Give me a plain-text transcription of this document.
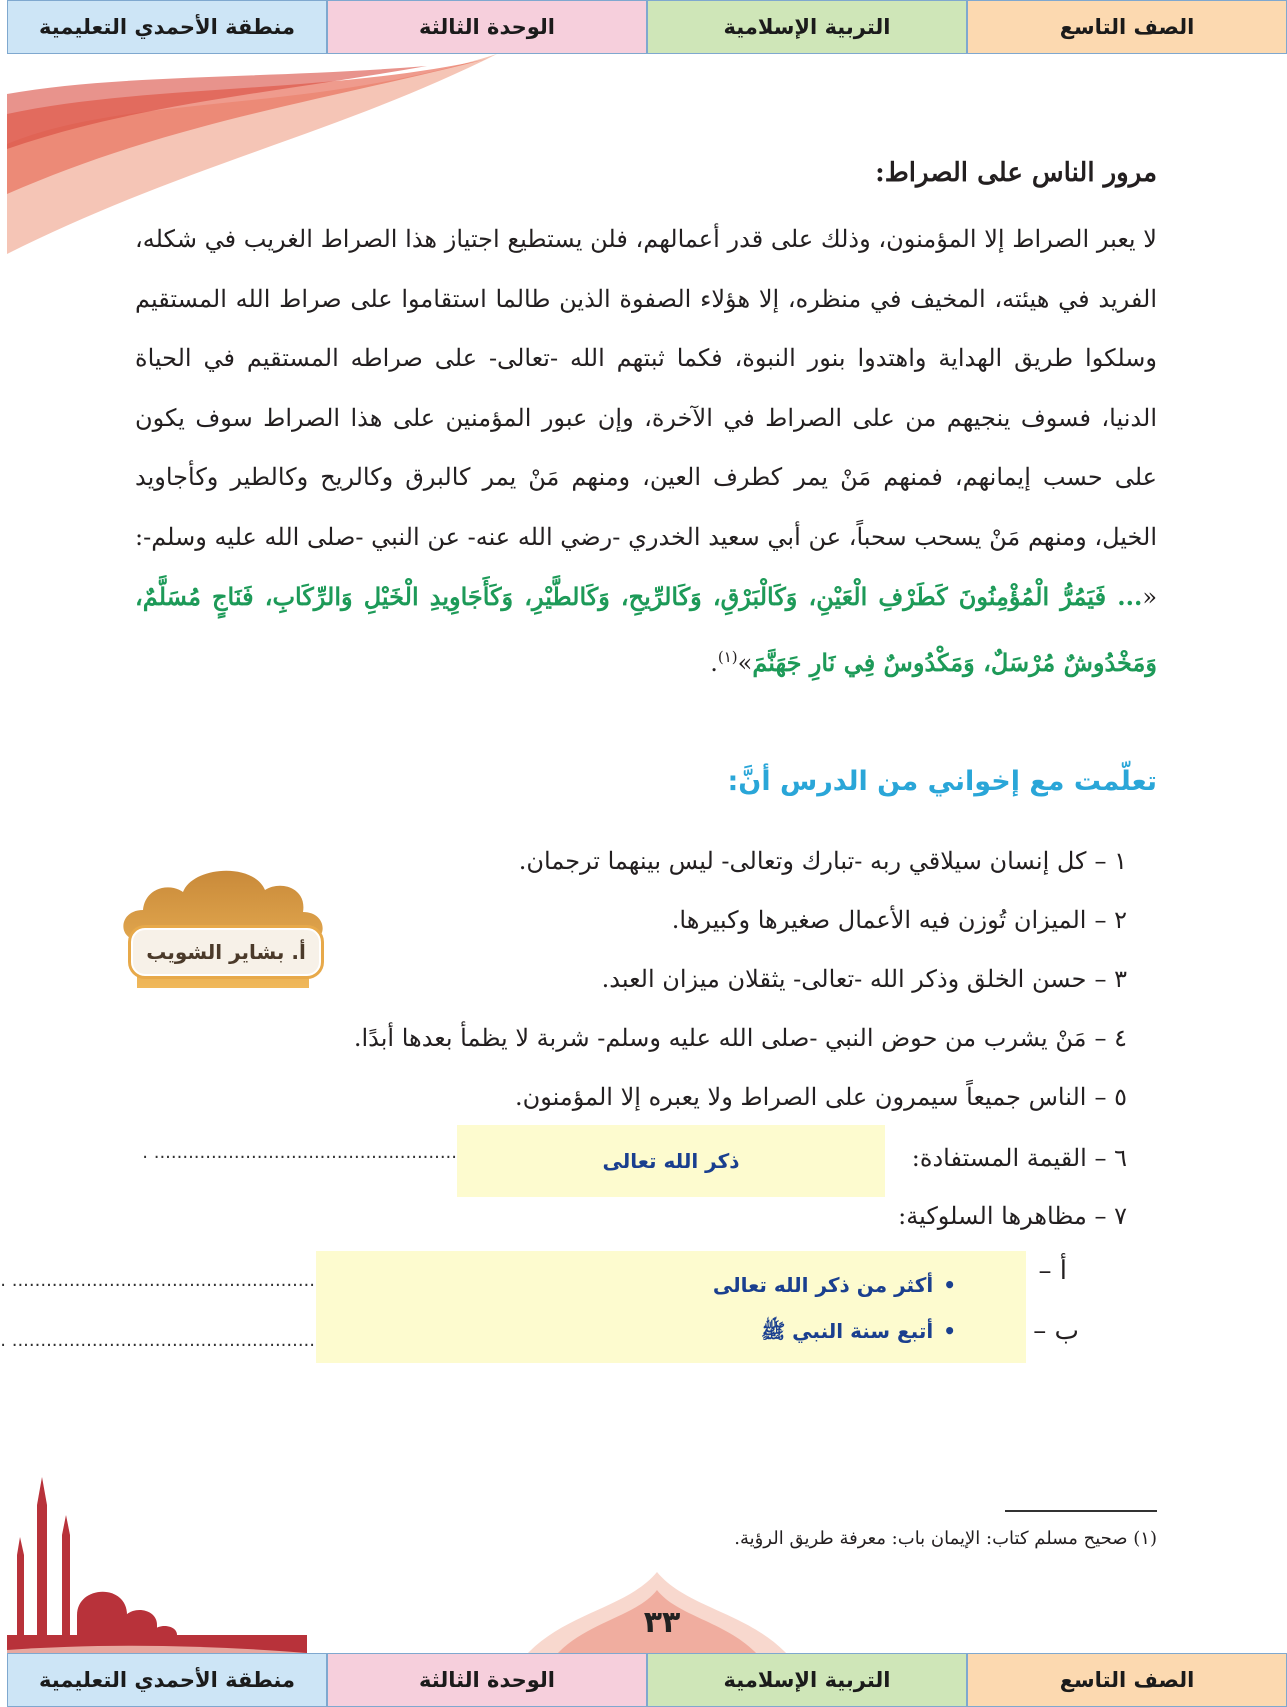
الصف التاسع
التربية الإسلامية
الوحدة الثالثة
منطقة الأحمدي التعليمية
مرور الناس على الصراط:
لا يعبر الصراط إلا المؤمنون، وذلك على قدر أعمالهم، فلن يستطيع اجتياز هذا الصراط الغريب في شكله، الفريد في هيئته، المخيف في منظره، إلا هؤلاء الصفوة الذين طالما استقاموا على صراط الله المستقيم وسلكوا طريق الهداية واهتدوا بنور النبوة، فكما ثبتهم الله -تعالى- على صراطه المستقيم في الحياة الدنيا، فسوف ينجيهم من على الصراط في الآخرة، وإن عبور المؤمنين على هذا الصراط سوف يكون على حسب إيمانهم، فمنهم مَنْ يمر كطرف العين، ومنهم مَنْ يمر كالبرق وكالريح وكالطير وكأجاويد الخيل، ومنهم مَنْ يسحب سحباً، عن أبي سعيد الخدري -رضي الله عنه- عن النبي -صلى الله عليه وسلم-: «... فَيَمُرُّ الْمُؤْمِنُونَ كَطَرْفِ الْعَيْنِ، وَكَالْبَرْقِ، وَكَالرِّيحِ، وَكَالطَّيْرِ، وَكَأَجَاوِيدِ الْخَيْلِ وَالرِّكَابِ، فَنَاجٍ مُسَلَّمٌ، وَمَخْدُوشٌ مُرْسَلٌ، وَمَكْدُوسٌ فِي نَارِ جَهَنَّمَ»$^{(١)}$.
تعلّمت مع إخواني من الدرس أنَّ:
١ –كل إنسان سيلاقي ربه -تبارك وتعالى- ليس بينهما ترجمان.
٢ –الميزان تُوزن فيه الأعمال صغيرها وكبيرها.
٣ –حسن الخلق وذكر الله -تعالى- يثقلان ميزان العبد.
٤ –مَنْ يشرب من حوض النبي -صلى الله عليه وسلم- شربة لا يظمأ بعدها أبدًا.
٥ –الناس جميعاً سيمرون على الصراط ولا يعبره إلا المؤمنون.
أ. بشاير الشويب
٦ – القيمة المستفادة:
..................................................... .	ذكر الله تعالى
٧ – مظاهرها السلوكية:
أ –
ب –
..................................................... .
..................................................... .
•أكثر من ذكر الله تعالى
•أتبع سنة النبي ﷺ
(١) صحيح مسلم كتاب: الإيمان باب: معرفة طريق الرؤية.
٣٣
الصف التاسع
التربية الإسلامية
الوحدة الثالثة
منطقة الأحمدي التعليمية
